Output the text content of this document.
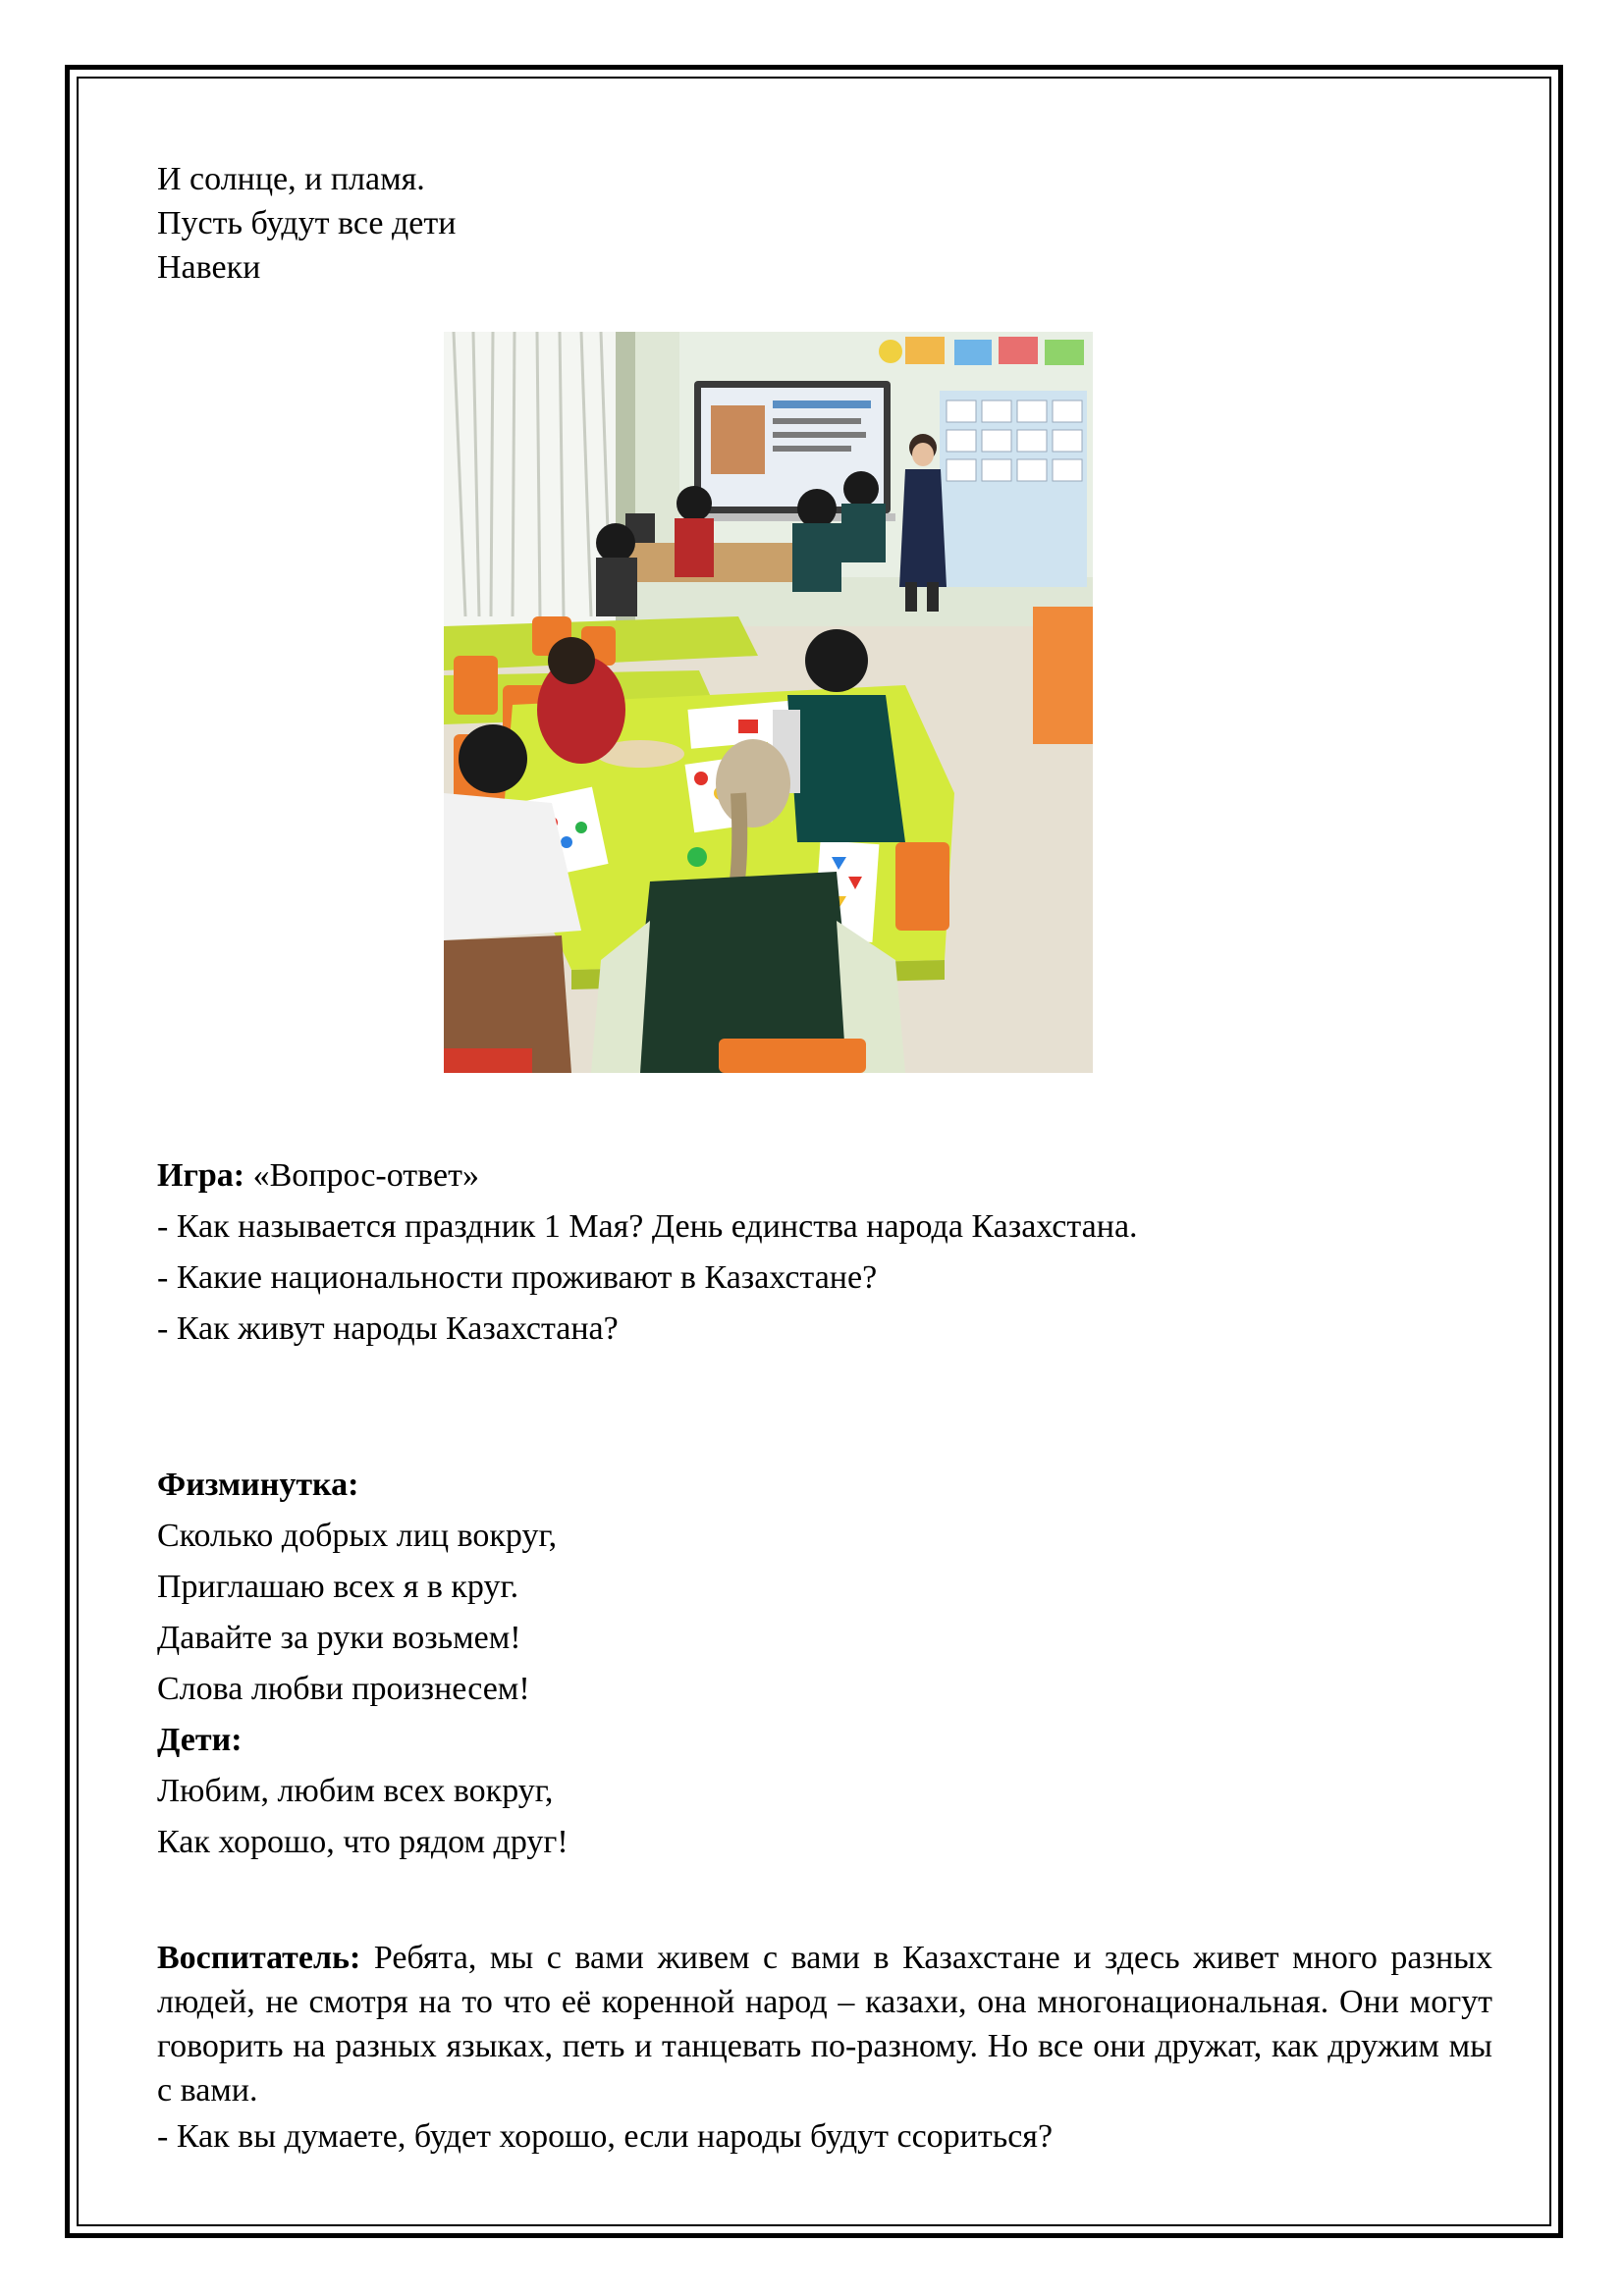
И солнце, и пламя.
Пусть будут все дети
Навеки
Игра: «Вопрос-ответ»
- Как называется праздник 1 Мая? День единства народа Казахстана.
- Какие национальности проживают в Казахстане?
- Как живут народы Казахстана?
Физминутка:
Сколько добрых лиц вокруг,
Приглашаю всех я в круг.
Давайте за руки возьмем!
Слова любви произнесем!
Дети:
Любим, любим всех вокруг,
Как хорошо, что рядом друг!
Воспитатель: Ребята, мы с вами живем с вами в Казахстане и здесь живет много разных людей, не смотря на то что её коренной народ – казахи, она многонациональная. Они могут говорить на разных языках, петь и танцевать по-разному. Но все они дружат, как дружим мы с вами.
- Как вы думаете, будет хорошо, если народы будут ссориться?
